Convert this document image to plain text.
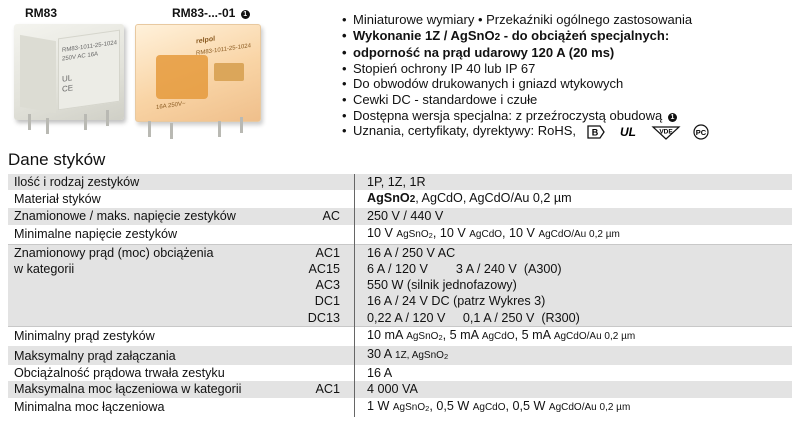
RM83	RM83-...-01 1
RM83-1011-25-1024
250V AC 16A
UL
CE
relpol
RM83-1011-25-1024
16A 250V~
• Miniaturowe wymiary • Przekaźniki ogólnego zastosowania
• Wykonanie 1Z / AgSnO2 - do obciążeń specjalnych:
• odporność na prąd udarowy 120 A (20 ms)
• Stopień ochrony IP 40 lub IP 67
• Do obwodów drukowanych i gniazd wtykowych
• Cewki DC - standardowe i czułe
• Dostępna wersja specjalna: z przeźroczystą obudową 1
• Uznania, certyfikaty, dyrektywy: RoHS, B
UL
	VDE
	PC
Dane styków
Ilość i rodzaj zestyków		1P, 1Z, 1R
Materiał styków		AgSnO2, AgCdO, AgCdO/Au 0,2 µm
Znamionowe / maks. napięcie zestyków	AC	250 V / 440 V
Minimalne napięcie zestyków		10 V AgSnO2, 10 V AgCdO, 10 V AgCdO/Au 0,2 µm
Znamionowy prąd (moc) obciążenia	AC1	16 A / 250 V AC
w kategorii	AC15	6 A / 120 V        3 A / 240 V  (A300)
	AC3	550 W (silnik jednofazowy)
	DC1	16 A / 24 V DC (patrz Wykres 3)
	DC13	0,22 A / 120 V     0,1 A / 250 V  (R300)
Minimalny prąd zestyków		10 mA AgSnO2, 5 mA AgCdO, 5 mA AgCdO/Au 0,2 µm
Maksymalny prąd załączania		30 A 1Z, AgSnO2
Obciążalność prądowa trwała zestyku		16 A
Maksymalna moc łączeniowa w kategorii	AC1	4 000 VA
Minimalna moc łączeniowa		1 W AgSnO2, 0,5 W AgCdO, 0,5 W AgCdO/Au 0,2 µm
